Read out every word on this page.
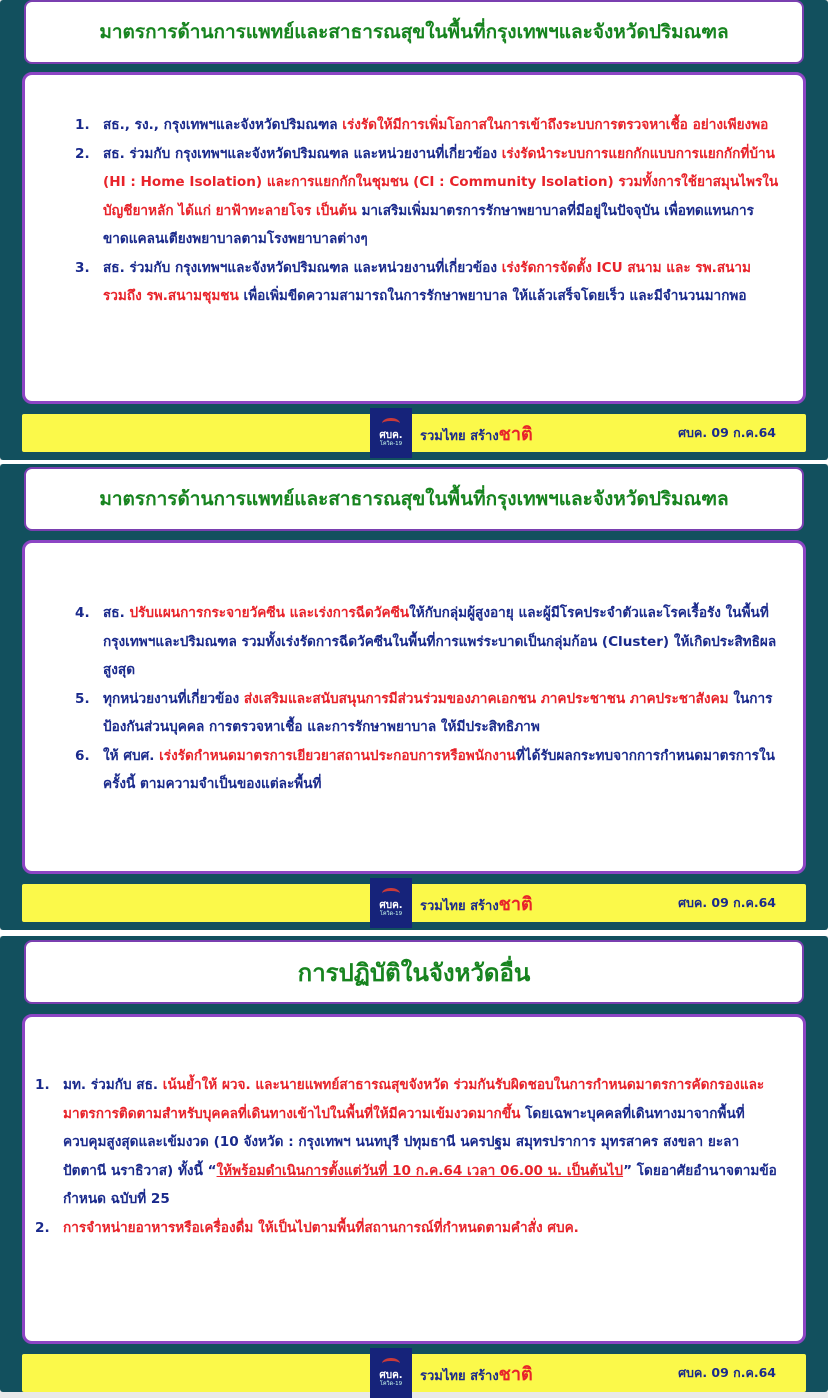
มาตรการด้านการแพทย์และสาธารณสุขในพื้นที่กรุงเทพฯและจังหวัดปริมณฑล
1. สธ., รง., กรุงเทพฯและจังหวัดปริมณฑล เร่งรัดให้มีการเพิ่มโอกาสในการเข้าถึงระบบการตรวจหาเชื้อ อย่างเพียงพอ
2. สธ. ร่วมกับ กรุงเทพฯและจังหวัดปริมณฑล และหน่วยงานที่เกี่ยวข้อง เร่งรัดนำระบบการแยกกักแบบการแยกกักที่บ้าน (HI : Home Isolation) และการแยกกักในชุมชน (CI : Community Isolation) รวมทั้งการใช้ยาสมุนไพรในบัญชียาหลัก ได้แก่ ยาฟ้าทะลายโจร เป็นต้น มาเสริมเพิ่มมาตรการรักษาพยาบาลที่มีอยู่ในปัจจุบัน เพื่อทดแทนการขาดแคลนเตียงพยาบาลตามโรงพยาบาลต่างๆ
3. สธ. ร่วมกับ กรุงเทพฯและจังหวัดปริมณฑล และหน่วยงานที่เกี่ยวข้อง เร่งรัดการจัดตั้ง ICU สนาม และ รพ.สนาม รวมถึง รพ.สนามชุมชน เพื่อเพิ่มขีดความสามารถในการรักษาพยาบาล ให้แล้วเสร็จโดยเร็ว และมีจำนวนมากพอ
ศบค.
โควิด-19
รวมไทย สร้างชาติ	ศบค. 09 ก.ค.64
มาตรการด้านการแพทย์และสาธารณสุขในพื้นที่กรุงเทพฯและจังหวัดปริมณฑล
4. สธ. ปรับแผนการกระจายวัคซีน และเร่งการฉีดวัคซีนให้กับกลุ่มผู้สูงอายุ และผู้มีโรคประจำตัวและโรคเรื้อรัง ในพื้นที่กรุงเทพฯและปริมณฑล รวมทั้งเร่งรัดการฉีดวัคซีนในพื้นที่การแพร่ระบาดเป็นกลุ่มก้อน (Cluster) ให้เกิดประสิทธิผลสูงสุด
5. ทุกหน่วยงานที่เกี่ยวข้อง ส่งเสริมและสนับสนุนการมีส่วนร่วมของภาคเอกชน ภาคประชาชน ภาคประชาสังคม ในการป้องกันส่วนบุคคล การตรวจหาเชื้อ และการรักษาพยาบาล ให้มีประสิทธิภาพ
6. ให้ ศบศ. เร่งรัดกำหนดมาตรการเยียวยาสถานประกอบการหรือพนักงานที่ได้รับผลกระทบจากการกำหนดมาตรการในครั้งนี้ ตามความจำเป็นของแต่ละพื้นที่
ศบค.
โควิด-19
รวมไทย สร้างชาติ	ศบค. 09 ก.ค.64
การปฏิบัติในจังหวัดอื่น
1. มท. ร่วมกับ สธ. เน้นย้ำให้ ผวจ. และนายแพทย์สาธารณสุขจังหวัด ร่วมกันรับผิดชอบในการกำหนดมาตรการคัดกรองและมาตรการติดตามสำหรับบุคคลที่เดินทางเข้าไปในพื้นที่ให้มีความเข้มงวดมากขึ้น โดยเฉพาะบุคคลที่เดินทางมาจากพื้นที่ควบคุมสูงสุดและเข้มงวด (10 จังหวัด : กรุงเทพฯ นนทบุรี ปทุมธานี นครปฐม สมุทรปราการ มุทรสาคร สงขลา ยะลา ปัตตานี นราธิวาส) ทั้งนี้ “ให้พร้อมดำเนินการตั้งแต่วันที่ 10 ก.ค.64 เวลา 06.00 น. เป็นต้นไป” โดยอาศัยอำนาจตามข้อกำหนด ฉบับที่ 25
2. การจำหน่ายอาหารหรือเครื่องดื่ม ให้เป็นไปตามพื้นที่สถานการณ์ที่กำหนดตามคำสั่ง ศบค.
ศบค.
โควิด-19
รวมไทย สร้างชาติ	ศบค. 09 ก.ค.64
